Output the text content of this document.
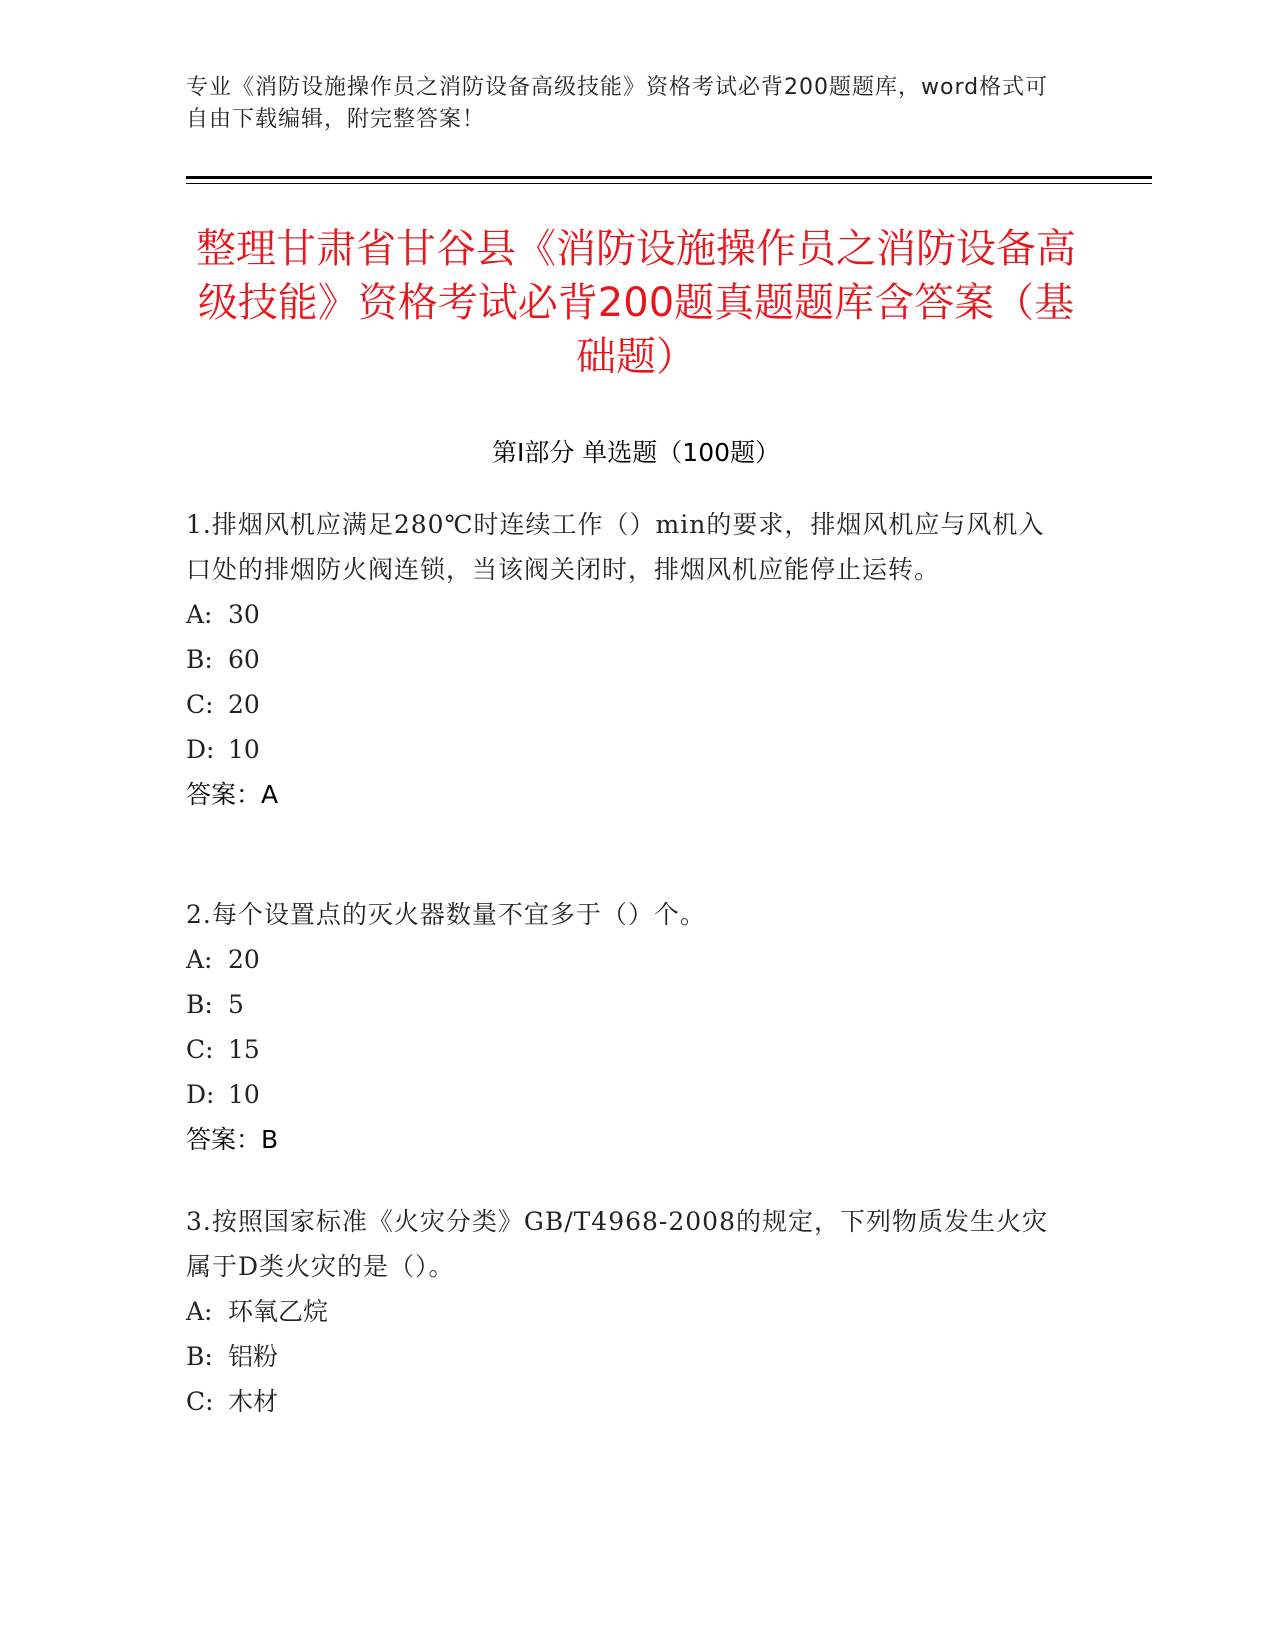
专业《消防设施操作员之消防设备高级技能》资格考试必背200题题库，word格式可自由下载编辑，附完整答案！
整理甘肃省甘谷县《消防设施操作员之消防设备高级技能》资格考试必背200题真题题库含答案（基础题）
第Ⅰ部分 单选题（100题）
1.排烟风机应满足280℃时连续工作（）min的要求，排烟风机应与风机入口处的排烟防火阀连锁，当该阀关闭时，排烟风机应能停止运转。
A: 30
B: 60
C: 20
D: 10
答案：A
2.每个设置点的灭火器数量不宜多于（）个。
A: 20
B: 5
C: 15
D: 10
答案：B
3.按照国家标准《火灾分类》GB/T4968-2008的规定，下列物质发生火灾属于D类火灾的是（）。
A: 环氧乙烷
B: 铝粉
C: 木材
